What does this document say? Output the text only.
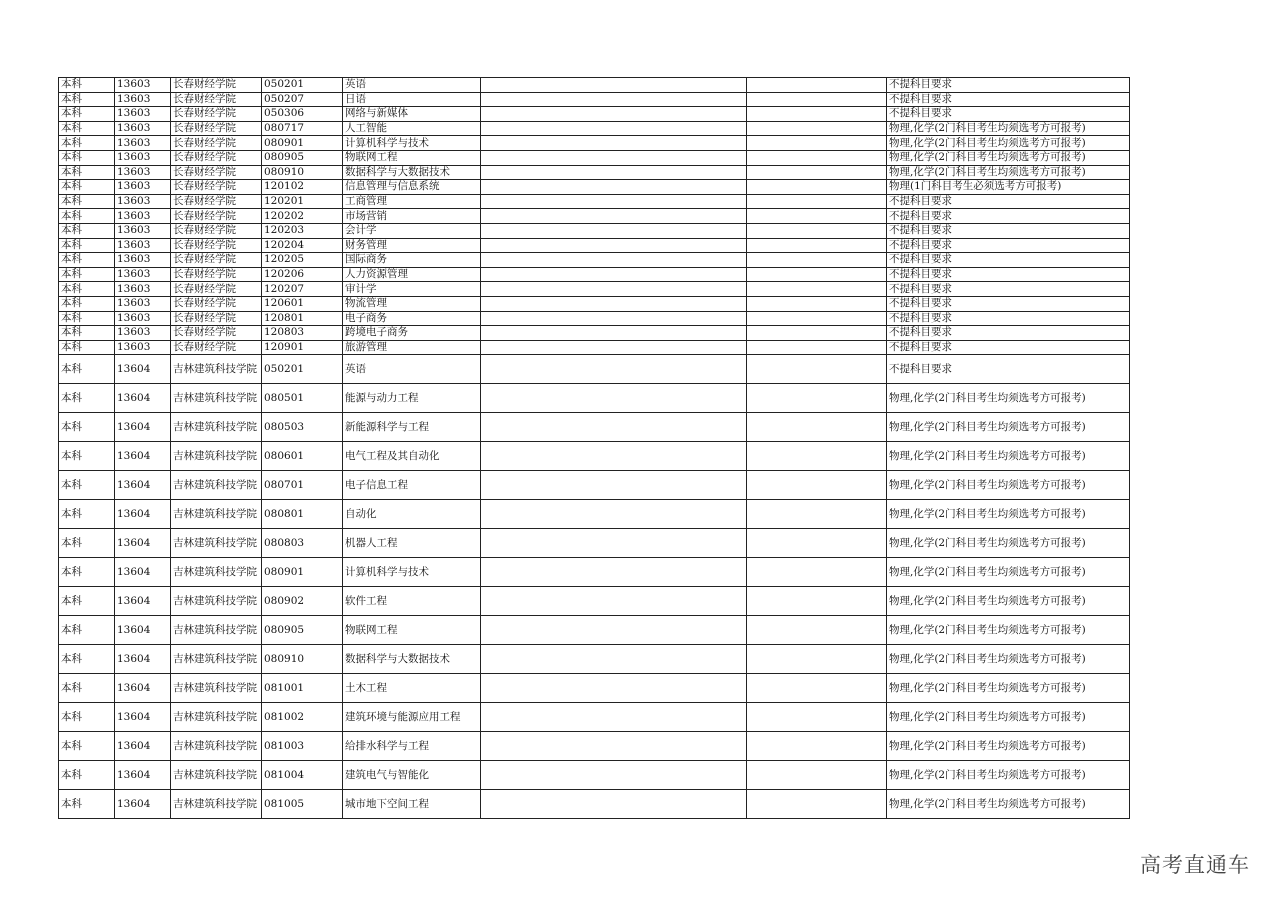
本科	13603	长春财经学院	050201	英语			不提科目要求
本科	13603	长春财经学院	050207	日语			不提科目要求
本科	13603	长春财经学院	050306	网络与新媒体			不提科目要求
本科	13603	长春财经学院	080717	人工智能			物理,化学(2门科目考生均须选考方可报考)
本科	13603	长春财经学院	080901	计算机科学与技术			物理,化学(2门科目考生均须选考方可报考)
本科	13603	长春财经学院	080905	物联网工程			物理,化学(2门科目考生均须选考方可报考)
本科	13603	长春财经学院	080910	数据科学与大数据技术			物理,化学(2门科目考生均须选考方可报考)
本科	13603	长春财经学院	120102	信息管理与信息系统			物理(1门科目考生必须选考方可报考)
本科	13603	长春财经学院	120201	工商管理			不提科目要求
本科	13603	长春财经学院	120202	市场营销			不提科目要求
本科	13603	长春财经学院	120203	会计学			不提科目要求
本科	13603	长春财经学院	120204	财务管理			不提科目要求
本科	13603	长春财经学院	120205	国际商务			不提科目要求
本科	13603	长春财经学院	120206	人力资源管理			不提科目要求
本科	13603	长春财经学院	120207	审计学			不提科目要求
本科	13603	长春财经学院	120601	物流管理			不提科目要求
本科	13603	长春财经学院	120801	电子商务			不提科目要求
本科	13603	长春财经学院	120803	跨境电子商务			不提科目要求
本科	13603	长春财经学院	120901	旅游管理			不提科目要求
本科	13604	吉林建筑科技学院	050201	英语			不提科目要求
本科	13604	吉林建筑科技学院	080501	能源与动力工程			物理,化学(2门科目考生均须选考方可报考)
本科	13604	吉林建筑科技学院	080503	新能源科学与工程			物理,化学(2门科目考生均须选考方可报考)
本科	13604	吉林建筑科技学院	080601	电气工程及其自动化			物理,化学(2门科目考生均须选考方可报考)
本科	13604	吉林建筑科技学院	080701	电子信息工程			物理,化学(2门科目考生均须选考方可报考)
本科	13604	吉林建筑科技学院	080801	自动化			物理,化学(2门科目考生均须选考方可报考)
本科	13604	吉林建筑科技学院	080803	机器人工程			物理,化学(2门科目考生均须选考方可报考)
本科	13604	吉林建筑科技学院	080901	计算机科学与技术			物理,化学(2门科目考生均须选考方可报考)
本科	13604	吉林建筑科技学院	080902	软件工程			物理,化学(2门科目考生均须选考方可报考)
本科	13604	吉林建筑科技学院	080905	物联网工程			物理,化学(2门科目考生均须选考方可报考)
本科	13604	吉林建筑科技学院	080910	数据科学与大数据技术			物理,化学(2门科目考生均须选考方可报考)
本科	13604	吉林建筑科技学院	081001	土木工程			物理,化学(2门科目考生均须选考方可报考)
本科	13604	吉林建筑科技学院	081002	建筑环境与能源应用工程			物理,化学(2门科目考生均须选考方可报考)
本科	13604	吉林建筑科技学院	081003	给排水科学与工程			物理,化学(2门科目考生均须选考方可报考)
本科	13604	吉林建筑科技学院	081004	建筑电气与智能化			物理,化学(2门科目考生均须选考方可报考)
本科	13604	吉林建筑科技学院	081005	城市地下空间工程			物理,化学(2门科目考生均须选考方可报考)
高考直通车
